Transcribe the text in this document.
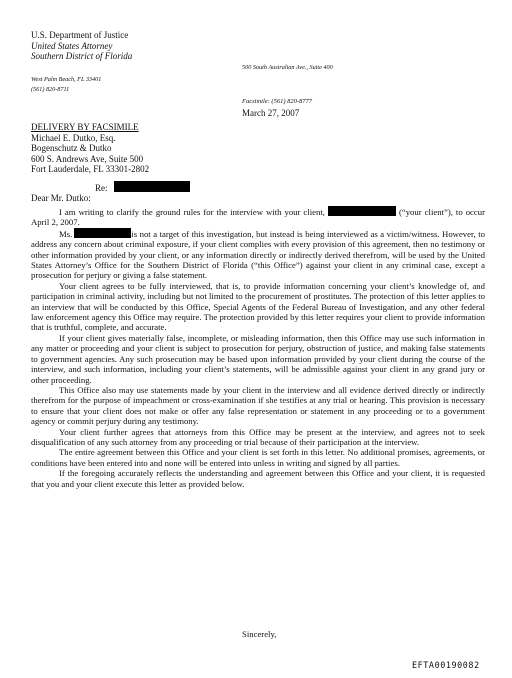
U.S. Department of Justice
United States Attorney
Southern District of Florida
500 South Australian Ave., Suite 400
West Palm Beach, FL 33401
(561) 820-8711
Facsimile: (561) 820-8777
March 27, 2007
DELIVERY BY FACSIMILE
Michael E. Dutko, Esq.
Bogenschutz & Dutko
600 S. Andrews Ave, Suite 500
Fort Lauderdale, FL 33301-2802
Re:
Dear Mr. Dutko:

I am writing to clarify the ground rules for the interview with your client,	(“your client”), to occur April 2, 2007.

Ms.	is not a target of this investigation, but instead is being interviewed as a victim/witness. However, to address any concern about criminal exposure, if your client complies with every provision of this agreement, then no testimony or other information provided by your client, or any information directly or indirectly derived therefrom, will be used by the United States Attorney’s Office for the Southern District of Florida (“this Office”) against your client in any criminal case, except a prosecution for perjury or giving a false statement.

Your client agrees to be fully interviewed, that is, to provide information concerning your client’s knowledge of, and participation in criminal activity, including but not limited to the procurement of prostitutes. The protection of this letter applies to an interview that will be conducted by this Office, Special Agents of the Federal Bureau of Investigation, and any other federal law enforcement agency this Office may require. The protection provided by this letter requires your client to provide information that is truthful, complete, and accurate.

If your client gives materially false, incomplete, or misleading information, then this Office may use such information in any matter or proceeding and your client is subject to prosecution for perjury, obstruction of justice, and making false statements to government agencies. Any such prosecution may be based upon information provided by your client during the course of the interview, and such information, including your client’s statements, will be admissible against your client in any grand jury or other proceeding.

This Office also may use statements made by your client in the interview and all evidence derived directly or indirectly therefrom for the purpose of impeachment or cross-examination if she testifies at any trial or hearing. This provision is necessary to ensure that your client does not make or offer any false representation or statement in any proceeding or to a government agency or commit perjury during any testimony.

Your client further agrees that attorneys from this Office may be present at the interview, and agrees not to seek disqualification of any such attorney from any proceeding or trial because of their participation at the interview.

The entire agreement between this Office and your client is set forth in this letter. No additional promises, agreements, or conditions have been entered into and none will be entered into unless in writing and signed by all parties.

If the foregoing accurately reflects the understanding and agreement between this Office and your client, it is requested that you and your client execute this letter as provided below.

Sincerely,
EFTA00190082
